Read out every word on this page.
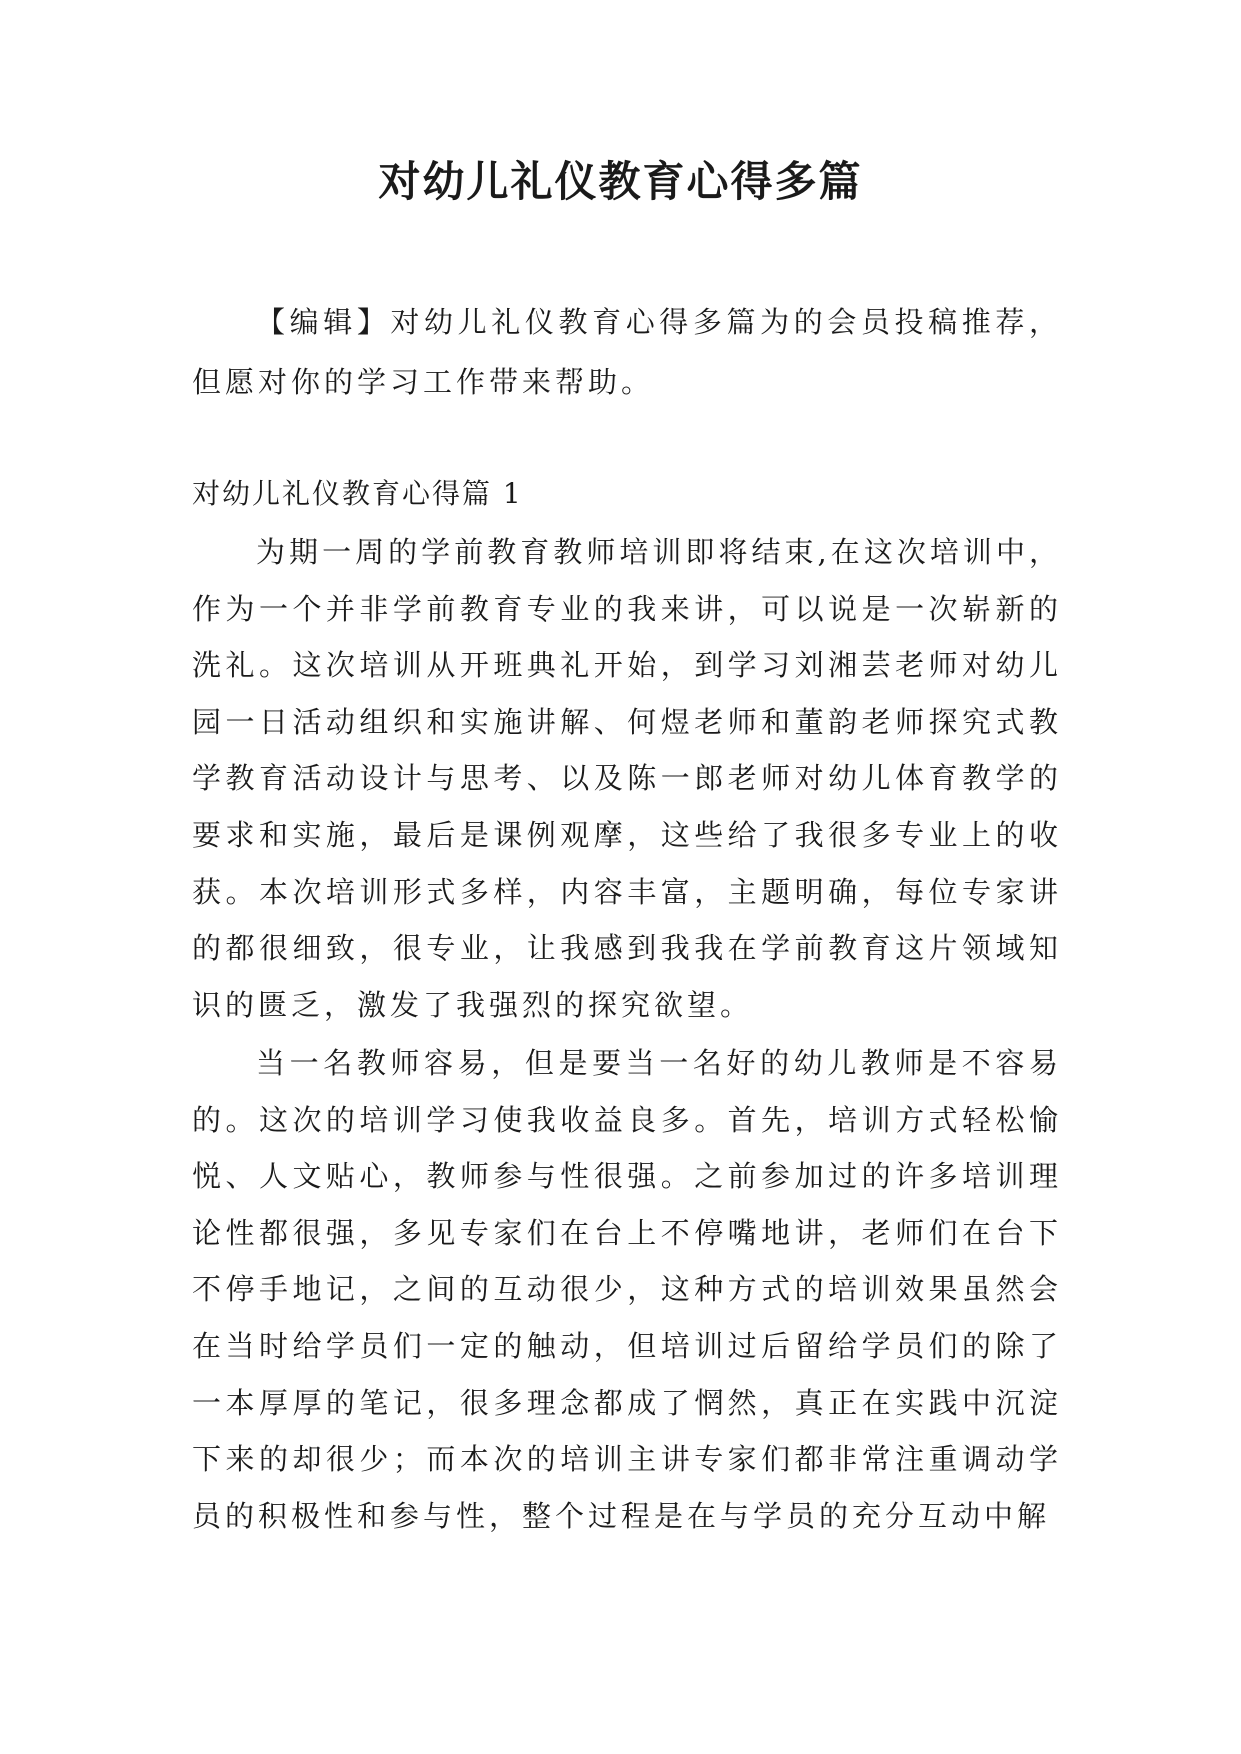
对幼儿礼仪教育心得多篇

【编辑】对幼儿礼仪教育心得多篇为的会员投稿推荐，但愿对你的学习工作带来帮助。

对幼儿礼仪教育心得篇 1

为期一周的学前教育教师培训即将结束,在这次培训中，作为一个并非学前教育专业的我来讲，可以说是一次崭新的洗礼。这次培训从开班典礼开始，到学习刘湘芸老师对幼儿园一日活动组织和实施讲解、何煜老师和董韵老师探究式教学教育活动设计与思考、以及陈一郎老师对幼儿体育教学的要求和实施，最后是课例观摩，这些给了我很多专业上的收获。本次培训形式多样，内容丰富，主题明确，每位专家讲的都很细致，很专业，让我感到我我在学前教育这片领域知识的匮乏，激发了我强烈的探究欲望。

当一名教师容易，但是要当一名好的幼儿教师是不容易的。这次的培训学习使我收益良多。首先，培训方式轻松愉悦、人文贴心，教师参与性很强。之前参加过的许多培训理论性都很强，多见专家们在台上不停嘴地讲，老师们在台下不停手地记，之间的互动很少，这种方式的培训效果虽然会在当时给学员们一定的触动，但培训过后留给学员们的除了一本厚厚的笔记，很多理念都成了惘然，真正在实践中沉淀下来的却很少；而本次的培训主讲专家们都非常注重调动学员的积极性和参与性，整个过程是在与学员的充分互动中解
